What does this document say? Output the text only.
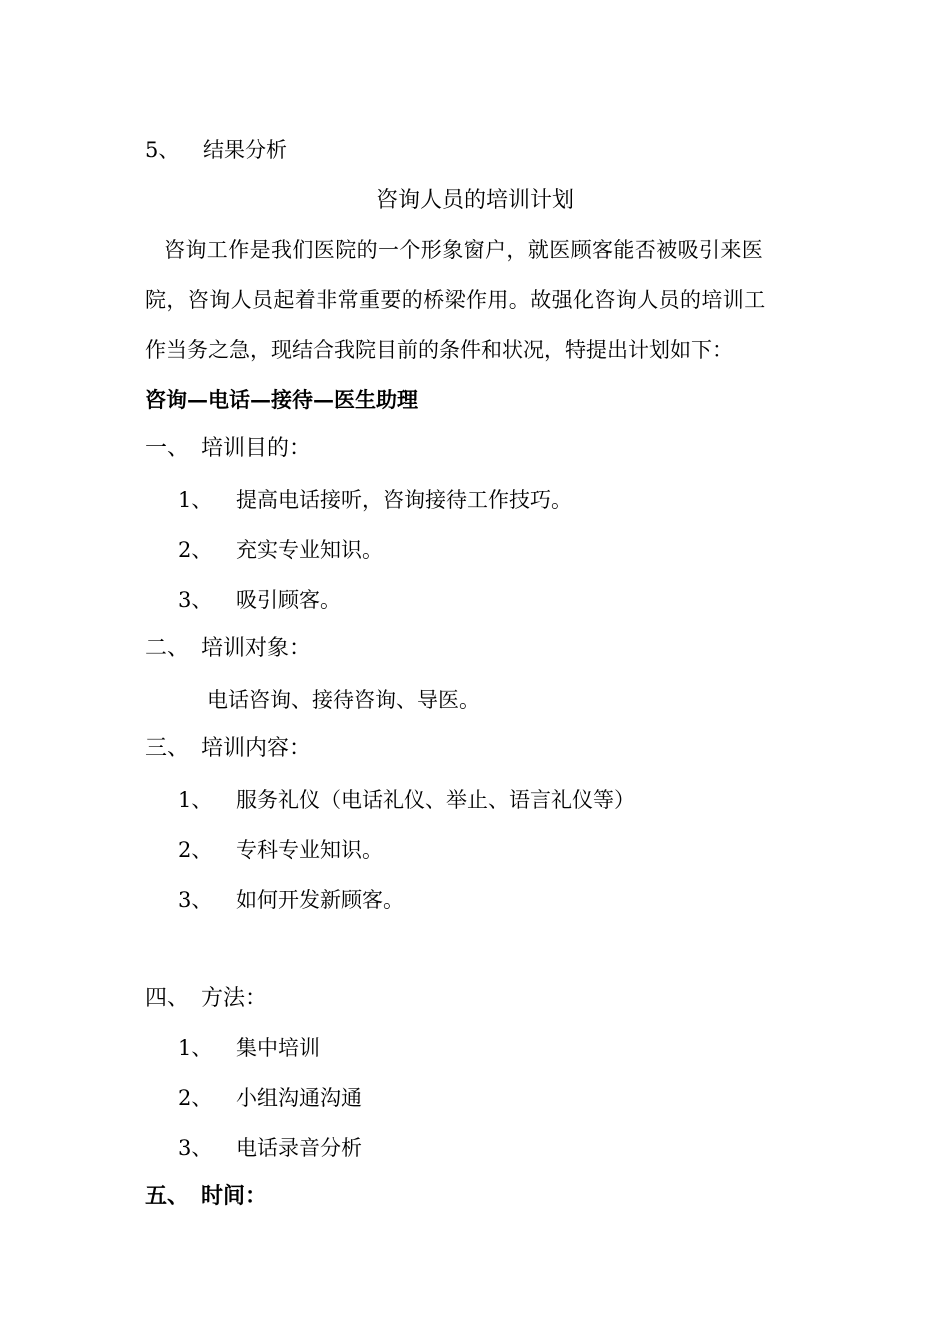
5、 结果分析
咨询人员的培训计划
咨询工作是我们医院的一个形象窗户，就医顾客能否被吸引来医
院，咨询人员起着非常重要的桥梁作用。故强化咨询人员的培训工
作当务之急，现结合我院目前的条件和状况，特提出计划如下：
咨询—电话—接待—医生助理
一、 培训目的：
1、 提高电话接听，咨询接待工作技巧。
2、 充实专业知识。
3、 吸引顾客。
二、 培训对象：
电话咨询、接待咨询、导医。
三、 培训内容：
1、 服务礼仪（电话礼仪、举止、语言礼仪等）
2、 专科专业知识。
3、 如何开发新顾客。
四、 方法：
1、 集中培训
2、 小组沟通沟通
3、 电话录音分析
五、 时间：
